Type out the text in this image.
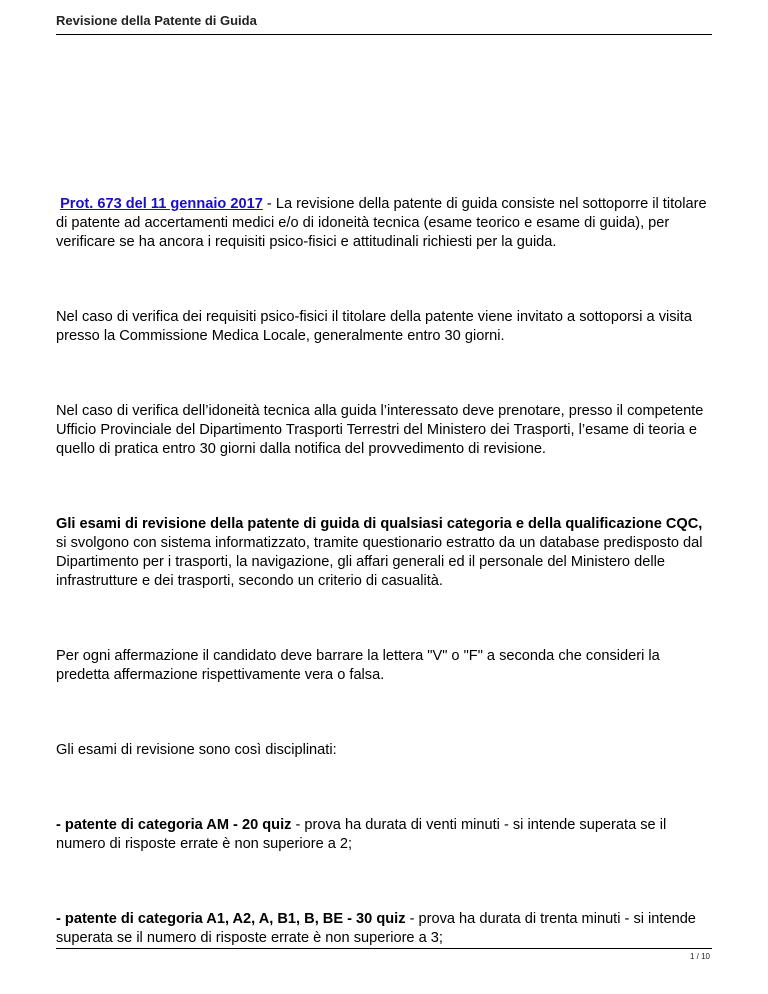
Revisione della Patente di Guida

Prot. 673 del 11 gennaio 2017 - La revisione della patente di guida consiste nel sottoporre il titolare di patente ad accertamenti medici e/o di idoneità tecnica (esame teorico e esame di guida), per verificare se ha ancora i requisiti psico-fisici e attitudinali richiesti per la guida.

Nel caso di verifica dei requisiti psico-fisici il titolare della patente viene invitato a sottoporsi a visita presso la Commissione Medica Locale, generalmente entro 30 giorni.

Nel caso di verifica dell’idoneità tecnica alla guida l’interessato deve prenotare, presso il competente Ufficio Provinciale del Dipartimento Trasporti Terrestri del Ministero dei Trasporti, l’esame di teoria e quello di pratica entro 30 giorni dalla notifica del provvedimento di revisione.

Gli esami di revisione della patente di guida di qualsiasi categoria e della qualificazione CQC, si svolgono con sistema informatizzato, tramite questionario estratto da un database predisposto dal Dipartimento per i trasporti, la navigazione, gli affari generali ed il personale del Ministero delle infrastrutture e dei trasporti, secondo un criterio di casualità.

Per ogni affermazione il candidato deve barrare la lettera "V" o "F" a seconda che consideri la predetta affermazione rispettivamente vera o falsa.

Gli esami di revisione sono così disciplinati:

- patente di categoria AM - 20 quiz - prova ha durata di venti minuti - si intende superata se il numero di risposte errate è non superiore a 2;

- patente di categoria A1, A2, A, B1, B, BE - 30 quiz - prova ha durata di trenta minuti - si intende superata se il numero di risposte errate è non superiore a 3;

1 / 10
